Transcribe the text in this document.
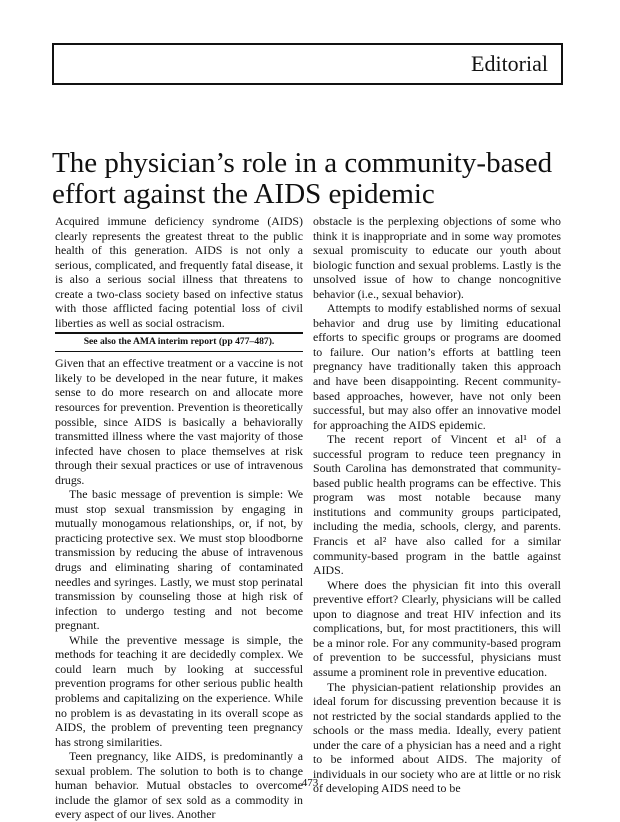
Editorial
The physician’s role in a community-based effort against the AIDS epidemic

Acquired immune deficiency syndrome (AIDS) clearly represents the greatest threat to the public health of this generation. AIDS is not only a serious, complicated, and frequently fatal disease, it is also a serious social illness that threatens to create a two-class society based on infective status with those afflicted facing potential loss of civil liberties as well as social ostracism.

See also the AMA interim report (pp 477–487).

Given that an effective treatment or a vaccine is not likely to be developed in the near future, it makes sense to do more research on and allocate more resources for prevention. Prevention is theoretically possible, since AIDS is basically a behaviorally transmitted illness where the vast majority of those infected have chosen to place themselves at risk through their sexual practices or use of intravenous drugs.

The basic message of prevention is simple: We must stop sexual transmission by engaging in mutually monogamous relationships, or, if not, by practicing protective sex. We must stop bloodborne transmission by reducing the abuse of intravenous drugs and eliminating sharing of contaminated needles and syringes. Lastly, we must stop perinatal transmission by counseling those at high risk of infection to undergo testing and not become pregnant.

While the preventive message is simple, the methods for teaching it are decidedly complex. We could learn much by looking at successful prevention programs for other serious public health problems and capitalizing on the experience. While no problem is as devastating in its overall scope as AIDS, the problem of preventing teen pregnancy has strong similarities.

Teen pregnancy, like AIDS, is predominantly a sexual problem. The solution to both is to change human behavior. Mutual obstacles to overcome include the glamor of sex sold as a commodity in every aspect of our lives. Another

obstacle is the perplexing objections of some who think it is inappropriate and in some way promotes sexual promiscuity to educate our youth about biologic function and sexual problems. Lastly is the unsolved issue of how to change noncognitive behavior (i.e., sexual behavior).

Attempts to modify established norms of sexual behavior and drug use by limiting educational efforts to specific groups or programs are doomed to failure. Our nation’s efforts at battling teen pregnancy have traditionally taken this approach and have been disappointing. Recent community-based approaches, however, have not only been successful, but may also offer an innovative model for approaching the AIDS epidemic.

The recent report of Vincent et al¹ of a successful program to reduce teen pregnancy in South Carolina has demonstrated that community-based public health programs can be effective. This program was most notable because many institutions and community groups participated, including the media, schools, clergy, and parents. Francis et al² have also called for a similar community-based program in the battle against AIDS.

Where does the physician fit into this overall preventive effort? Clearly, physicians will be called upon to diagnose and treat HIV infection and its complications, but, for most practitioners, this will be a minor role. For any community-based program of prevention to be successful, physicians must assume a prominent role in preventive education.

The physician-patient relationship provides an ideal forum for discussing prevention because it is not restricted by the social standards applied to the schools or the mass media. Ideally, every patient under the care of a physician has a need and a right to be informed about AIDS. The majority of individuals in our society who are at little or no risk of developing AIDS need to be

473
